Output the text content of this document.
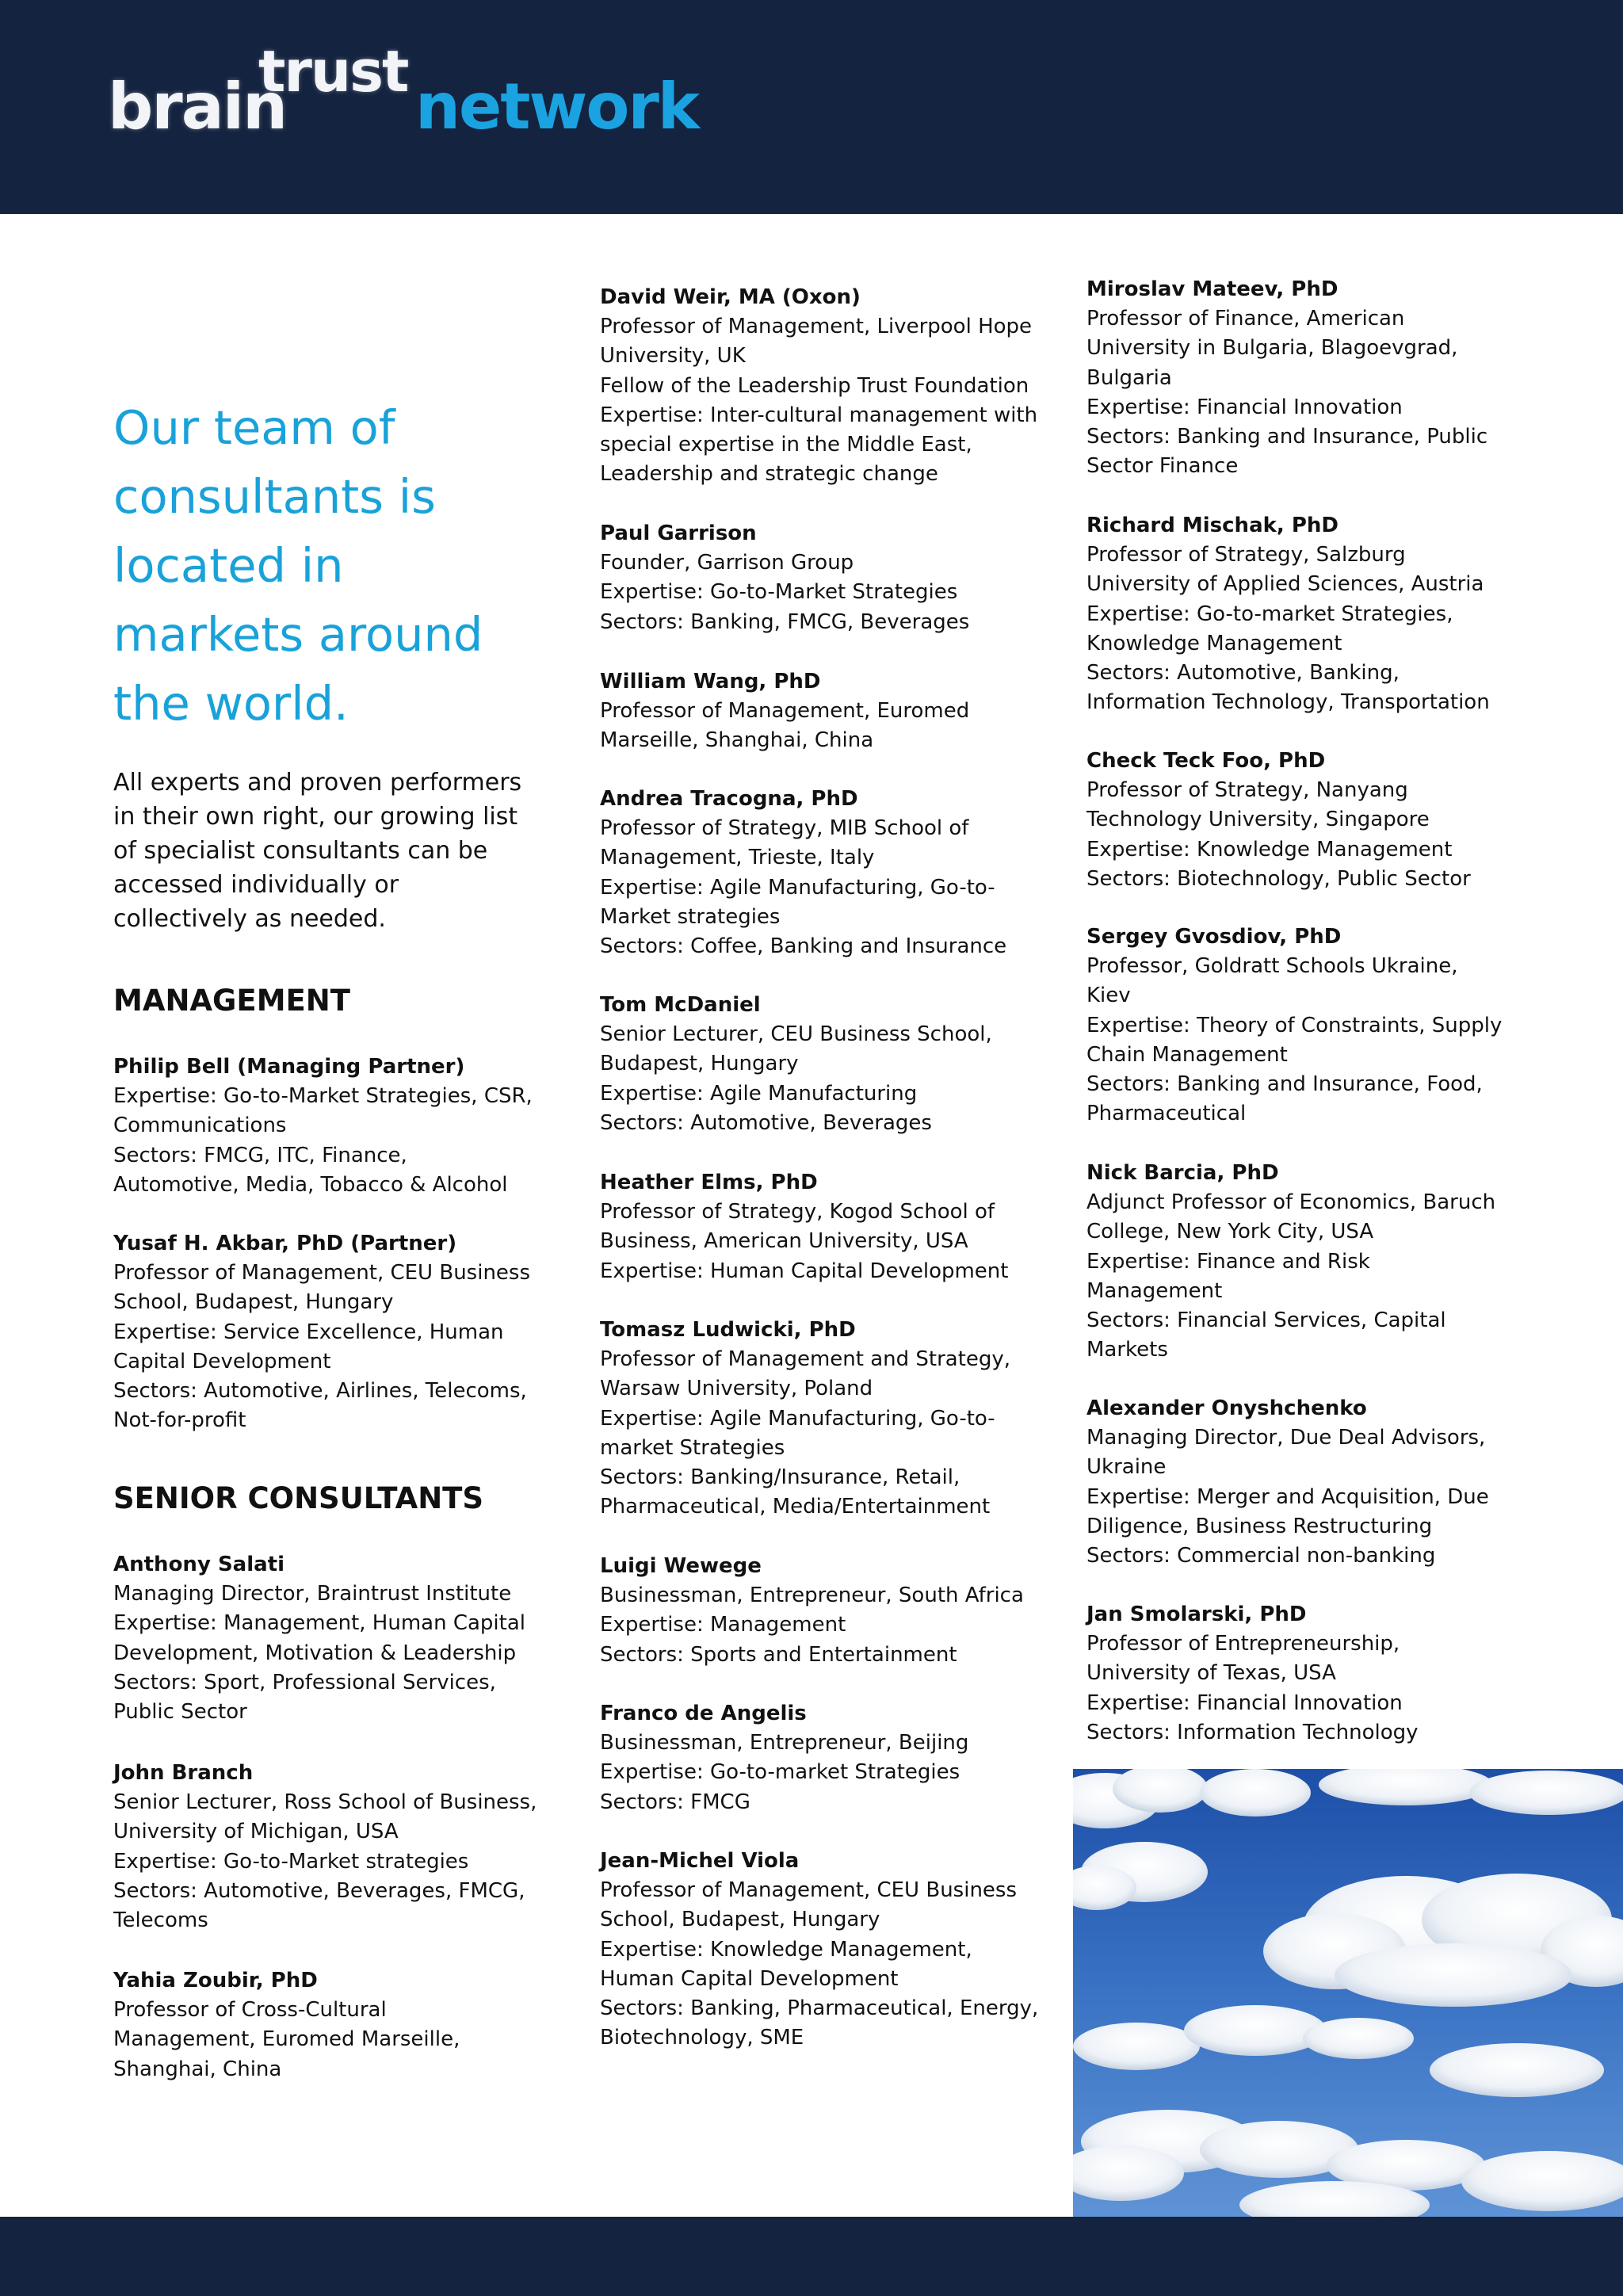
brain
trust network
Our team of
consultants is
located in
markets around
the world.

All experts and proven performers
in their own right, our growing list
of specialist consultants can be
accessed individually or
collectively as needed.

MANAGEMENT
Philip Bell (Managing Partner)
Expertise: Go-to-Market Strategies, CSR,
Communications
Sectors: FMCG, ITC, Finance,
Automotive, Media, Tobacco & Alcohol
Yusaf H. Akbar, PhD (Partner)
Professor of Management, CEU Business
School, Budapest, Hungary
Expertise: Service Excellence, Human
Capital Development
Sectors: Automotive, Airlines, Telecoms,
Not-for-profit
SENIOR CONSULTANTS
Anthony Salati
Managing Director, Braintrust Institute
Expertise: Management, Human Capital
Development, Motivation & Leadership
Sectors: Sport, Professional Services,
Public Sector
John Branch
Senior Lecturer, Ross School of Business,
University of Michigan, USA
Expertise: Go-to-Market strategies
Sectors: Automotive, Beverages, FMCG,
Telecoms
Yahia Zoubir, PhD
Professor of Cross-Cultural
Management, Euromed Marseille,
Shanghai, China
David Weir, MA (Oxon)
Professor of Management, Liverpool Hope
University, UK
Fellow of the Leadership Trust Foundation
Expertise: Inter-cultural management with
special expertise in the Middle East,
Leadership and strategic change
Paul Garrison
Founder, Garrison Group
Expertise: Go-to-Market Strategies
Sectors: Banking, FMCG, Beverages
William Wang, PhD
Professor of Management, Euromed
Marseille, Shanghai, China
Andrea Tracogna, PhD
Professor of Strategy, MIB School of
Management, Trieste, Italy
Expertise: Agile Manufacturing, Go-to-
Market strategies
Sectors: Coffee, Banking and Insurance
Tom McDaniel
Senior Lecturer, CEU Business School,
Budapest, Hungary
Expertise: Agile Manufacturing
Sectors: Automotive, Beverages
Heather Elms, PhD
Professor of Strategy, Kogod School of
Business, American University, USA
Expertise: Human Capital Development
Tomasz Ludwicki, PhD
Professor of Management and Strategy,
Warsaw University, Poland
Expertise: Agile Manufacturing, Go-to-
market Strategies
Sectors: Banking/Insurance, Retail,
Pharmaceutical, Media/Entertainment
Luigi Wewege
Businessman, Entrepreneur, South Africa
Expertise: Management
Sectors: Sports and Entertainment
Franco de Angelis
Businessman, Entrepreneur, Beijing
Expertise: Go-to-market Strategies
Sectors: FMCG
Jean-Michel Viola
Professor of Management, CEU Business
School, Budapest, Hungary
Expertise: Knowledge Management,
Human Capital Development
Sectors: Banking, Pharmaceutical, Energy,
Biotechnology, SME
Miroslav Mateev, PhD
Professor of Finance, American
University in Bulgaria, Blagoevgrad,
Bulgaria
Expertise: Financial Innovation
Sectors: Banking and Insurance, Public
Sector Finance
Richard Mischak, PhD
Professor of Strategy, Salzburg
University of Applied Sciences, Austria
Expertise: Go-to-market Strategies,
Knowledge Management
Sectors: Automotive, Banking,
Information Technology, Transportation
Check Teck Foo, PhD
Professor of Strategy, Nanyang
Technology University, Singapore
Expertise: Knowledge Management
Sectors: Biotechnology, Public Sector
Sergey Gvosdiov, PhD
Professor, Goldratt Schools Ukraine,
Kiev
Expertise: Theory of Constraints, Supply
Chain Management
Sectors: Banking and Insurance, Food,
Pharmaceutical
Nick Barcia, PhD
Adjunct Professor of Economics, Baruch
College, New York City, USA
Expertise: Finance and Risk
Management
Sectors: Financial Services, Capital
Markets
Alexander Onyshchenko
Managing Director, Due Deal Advisors,
Ukraine
Expertise: Merger and Acquisition, Due
Diligence, Business Restructuring
Sectors: Commercial non-banking
Jan Smolarski, PhD
Professor of Entrepreneurship,
University of Texas, USA
Expertise: Financial Innovation
Sectors: Information Technology
